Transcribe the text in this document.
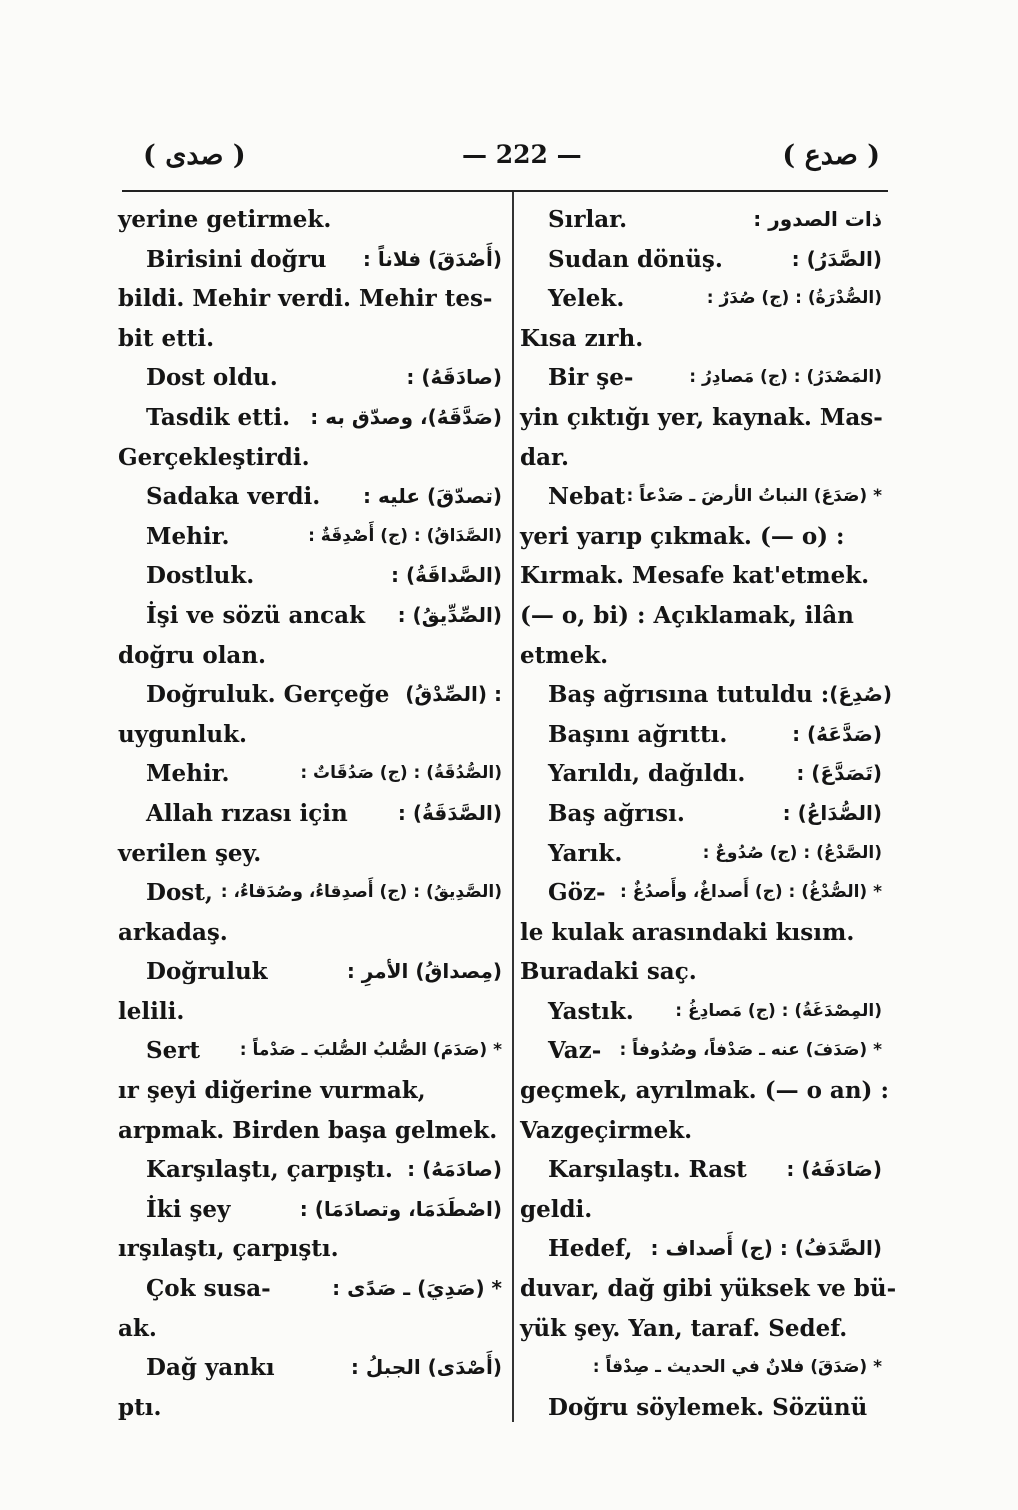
( صدى )	— 222 —	( صدع )
yerine getirmek.
Birisini doğru (أَصْدَقَ) فلاناً :
bildi. Mehir verdi. Mehir tes-
bit etti.
Dost oldu.	(صادَقَهُ) :
Tasdik etti. (صَدَّقَهُ)، وصدّق به :
Gerçekleştirdi.
Sadaka verdi. (تصدّقَ) عليه :
Mehir.	(الصَّدَاقُ) : (ج) أَصْدِقَةٌ :
Dostluk.	(الصَّداقَةُ) :
İşi ve sözü ancak (الصِّدِّيقُ) :
doğru olan.
Doğruluk. Gerçeğe : (الصِّدْقُ)
uygunluk.
Mehir.	(الصُّدُقَةُ) : (ج) صَدُقَاتٌ :
Allah rızası için	(الصَّدَقَةُ) :
verilen şey.
Dost, (الصَّدِيقُ) : (ج) أَصدِقاءُ، وصُدَقاءُ، :
arkadaş.
Doğruluk	(مِصداقُ) الأمرِ :
lelili.
Sert * (صَدَمَ) الصُّلبُ الصُّلبَ ـ صَدْماً :
ır şeyi diğerine vurmak,
arpmak. Birden başa gelmek.
Karşılaştı, çarpıştı. (صادَمَهُ) :
İki şey	(اصْطَدَمَا، وتصادَمَا) :
ırşılaştı, çarpıştı.
Çok susa-	* (صَدِيَ) ـ صَدًى :
ak.
Dağ yankı	(أَصْدَى) الجبلُ :
ptı.
Sırlar.	ذات الصدور :
Sudan dönüş.	(الصَّدَرُ) :
Yelek.	(الصُّدْرَةُ) : (ج) صُدَرٌ :
Kısa zırh.
Bir şe-	(المَصْدَرُ) : (ج) مَصادِرُ :
yin çıktığı yer, kaynak. Mas-
dar.
Nebat * (صَدَعَ) النباتُ الأرضَ ـ صَدْعاً :
yeri yarıp çıkmak. (— o) :
Kırmak. Mesafe kat'etmek.
(— o, bi) : Açıklamak, ilân
etmek.
Baş ağrısına tutuldu : (صُدِعَ)
Başını ağrıttı.	(صَدَّعَهُ) :
Yarıldı, dağıldı.	(تَصَدَّعَ) :
Baş ağrısı.	(الصُّدَاعُ) :
Yarık.	(الصَّدْعُ) : (ج) صُدُوعٌ :
Göz- * (الصُّدْغُ) : (ج) أَصداغٌ، وأَصدُغٌ :
le kulak arasındaki kısım.
Buradaki saç.
Yastık. (المِصْدَغَةُ) : (ج) مَصادِغُ :
Vaz- * (صَدَفَ) عنه ـ صَدْفاً، وصُدُوفاً :
geçmek, ayrılmak. (— o an) :
Vazgeçirmek.
Karşılaştı. Rast (صَادَفَهُ) :
geldi.
Hedef, (الصَّدَفُ) : (ج) أَصداف :
duvar, dağ gibi yüksek ve bü-
yük şey. Yan, taraf. Sedef.
* (صَدَقَ) فلانٌ في الحديث ـ صِدْقاً :
Doğru söylemek. Sözünü
